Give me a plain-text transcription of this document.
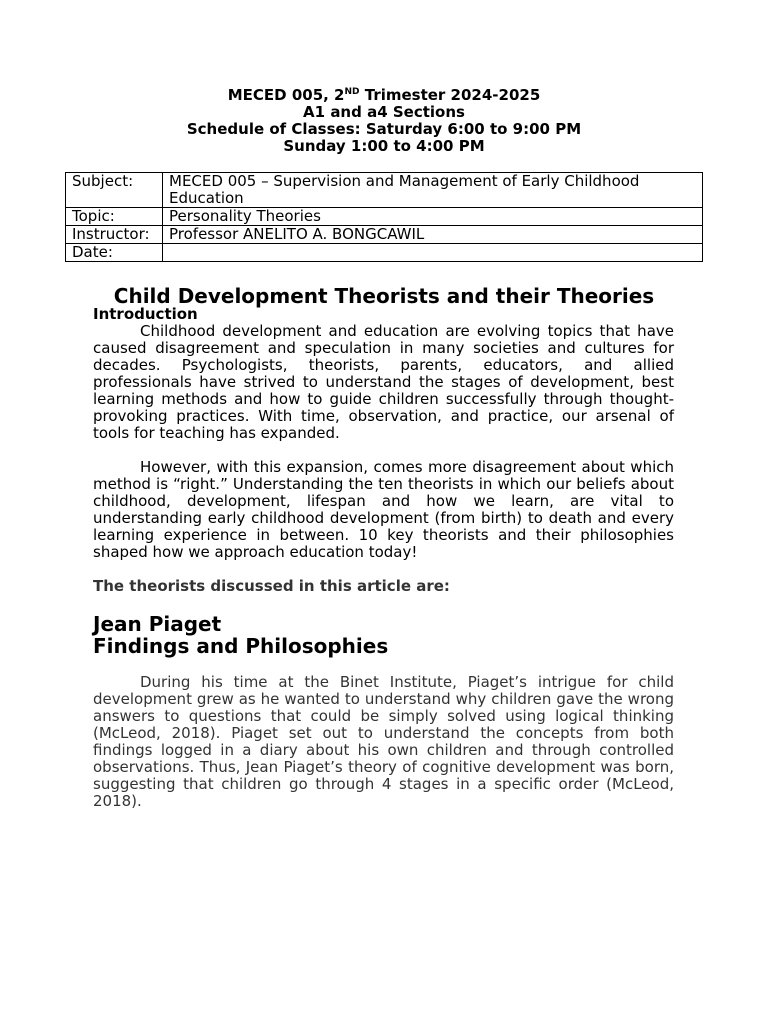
MECED 005, 2ND Trimester 2024-2025
A1 and a4 Sections
Schedule of Classes: Saturday 6:00 to 9:00 PM
Sunday 1:00 to 4:00 PM
Subject:	MECED 005 – Supervision and Management of Early Childhood Education
Topic:	Personality Theories
Instructor:	Professor ANELITO A. BONGCAWIL
Date:	
Child Development Theorists and their Theories
Introduction

Childhood development and education are evolving topics that have caused disagreement and speculation in many societies and cultures for decades. Psychologists, theorists, parents, educators, and allied professionals have strived to understand the stages of development, best learning methods and how to guide children successfully through thought-provoking practices. With time, observation, and practice, our arsenal of tools for teaching has expanded.

However, with this expansion, comes more disagreement about which method is “right.” Understanding the ten theorists in which our beliefs about childhood, development, lifespan and how we learn, are vital to understanding early childhood development (from birth) to death and every learning experience in between. 10 key theorists and their philosophies shaped how we approach education today!

The theorists discussed in this article are:

Jean Piaget
Findings and Philosophies

During his time at the Binet Institute, Piaget’s intrigue for child development grew as he wanted to understand why children gave the wrong answers to questions that could be simply solved using logical thinking (McLeod, 2018). Piaget set out to understand the concepts from both findings logged in a diary about his own children and through controlled observations. Thus, Jean Piaget’s theory of cognitive development was born, suggesting that children go through 4 stages in a specific order (McLeod, 2018).
